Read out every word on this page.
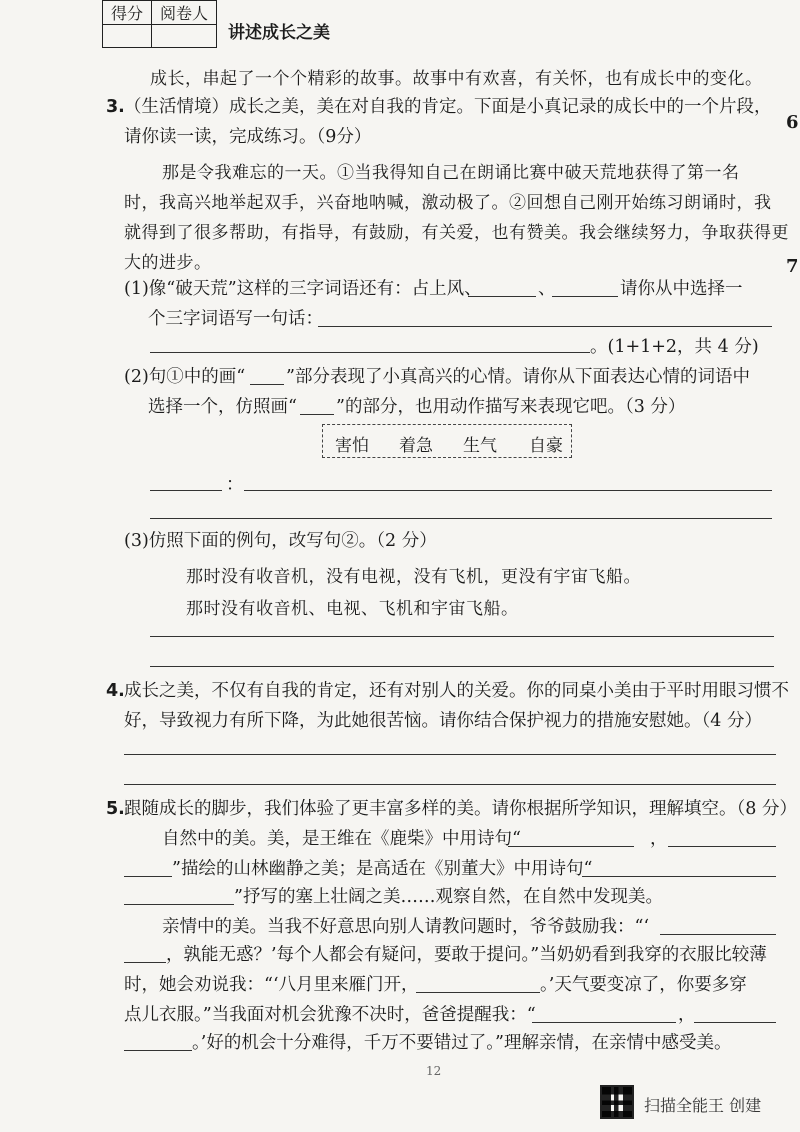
得分	阅卷人

讲述成长之美
6
7
成长，串起了一个个精彩的故事。故事中有欢喜，有关怀，也有成长中的变化。
3. （生活情境）成长之美，美在对自我的肯定。下面是小真记录的成长中的一个片段，
请你读一读，完成练习。（9分）
那是令我难忘的一天。①当我得知自己在朗诵比赛中破天荒地获得了第一名
时，我高兴地举起双手，兴奋地呐喊，激动极了。②回想自己刚开始练习朗诵时，我
就得到了很多帮助，有指导，有鼓励，有关爱，也有赞美。我会继续努力，争取获得更
大的进步。
(1)像“破天荒”这样的三字词语还有：占上风、	、	请你从中选择一
个三字词语写一句话：
。(1+1+2，共 4 分)
(2)句①中的画“ ”部分表现了小真高兴的心情。请你从下面表达心情的词语中
选择一个，仿照画“ ”的部分，也用动作描写来表现它吧。（3 分）
害怕 着急 生气 自豪
：
(3)仿照下面的例句，改写句②。（2 分）
那时没有收音机，没有电视，没有飞机，更没有宇宙飞船。
那时没有收音机、电视、飞机和宇宙飞船。
4. 成长之美，不仅有自我的肯定，还有对别人的关爱。你的同桌小美由于平时用眼习惯不
好，导致视力有所下降，为此她很苦恼。请你结合保护视力的措施安慰她。（4 分）
5. 跟随成长的脚步，我们体验了更丰富多样的美。请你根据所学知识，理解填空。（8 分）
自然中的美。美，是王维在《鹿柴》中用诗句“	，
”描绘的山林幽静之美；是高适在《别董大》中用诗句“
”抒写的塞上壮阔之美……观察自然，在自然中发现美。
亲情中的美。当我不好意思向别人请教问题时，爷爷鼓励我：“‘
，孰能无惑？’每个人都会有疑问，要敢于提问。”当奶奶看到我穿的衣服比较薄
时，她会劝说我：“‘八月里来雁门开，	。’天气要变凉了，你要多穿
点儿衣服。”当我面对机会犹豫不决时，爸爸提醒我：“	，
。’好的机会十分难得，千万不要错过了。”理解亲情，在亲情中感受美。
12
扫描全能王 创建
